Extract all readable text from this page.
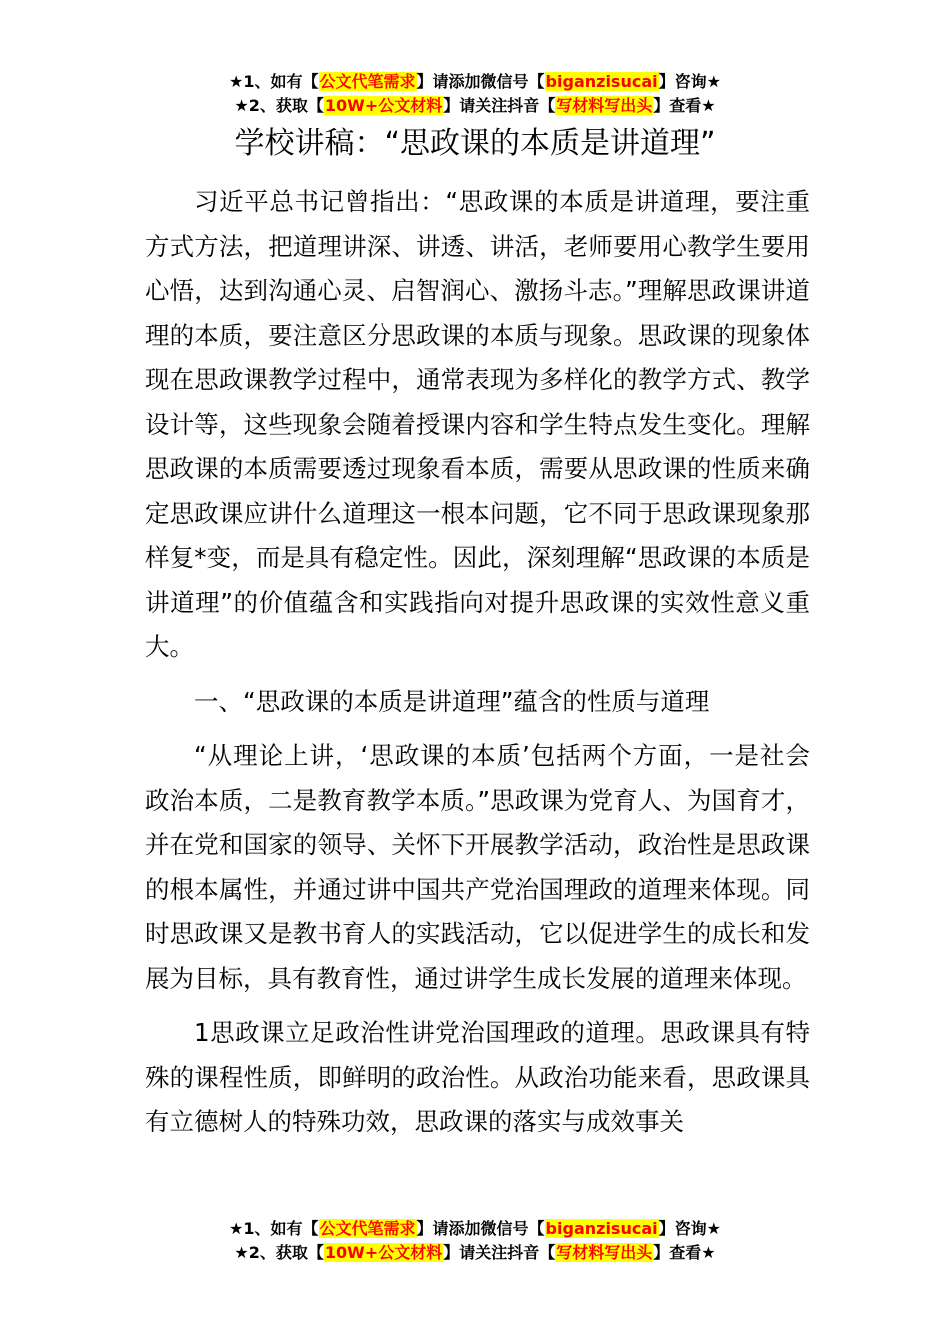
★1、如有【公文代笔需求】请添加微信号【biganzisucai】咨询★
★2、获取【10W+公文材料】请关注抖音【写材料写出头】查看★
学校讲稿：“思政课的本质是讲道理”

习近平总书记曾指出：“思政课的本质是讲道理，要注重方式方法，把道理讲深、讲透、讲活，老师要用心教学生要用心悟，达到沟通心灵、启智润心、激扬斗志。”理解思政课讲道理的本质，要注意区分思政课的本质与现象。思政课的现象体现在思政课教学过程中，通常表现为多样化的教学方式、教学设计等，这些现象会随着授课内容和学生特点发生变化。理解思政课的本质需要透过现象看本质，需要从思政课的性质来确定思政课应讲什么道理这一根本问题，它不同于思政课现象那样复*变，而是具有稳定性。因此，深刻理解“思政课的本质是讲道理”的价值蕴含和实践指向对提升思政课的实效性意义重大。

一、“思政课的本质是讲道理”蕴含的性质与道理

“从理论上讲，‘思政课的本质’包括两个方面，一是社会政治本质，二是教育教学本质。”思政课为党育人、为国育才，并在党和国家的领导、关怀下开展教学活动，政治性是思政课的根本属性，并通过讲中国共产党治国理政的道理来体现。同时思政课又是教书育人的实践活动，它以促进学生的成长和发展为目标，具有教育性，通过讲学生成长发展的道理来体现。

1思政课立足政治性讲党治国理政的道理。思政课具有特殊的课程性质，即鲜明的政治性。从政治功能来看，思政课具有立德树人的特殊功效，思政课的落实与成效事关

★1、如有【公文代笔需求】请添加微信号【biganzisucai】咨询★
★2、获取【10W+公文材料】请关注抖音【写材料写出头】查看★
